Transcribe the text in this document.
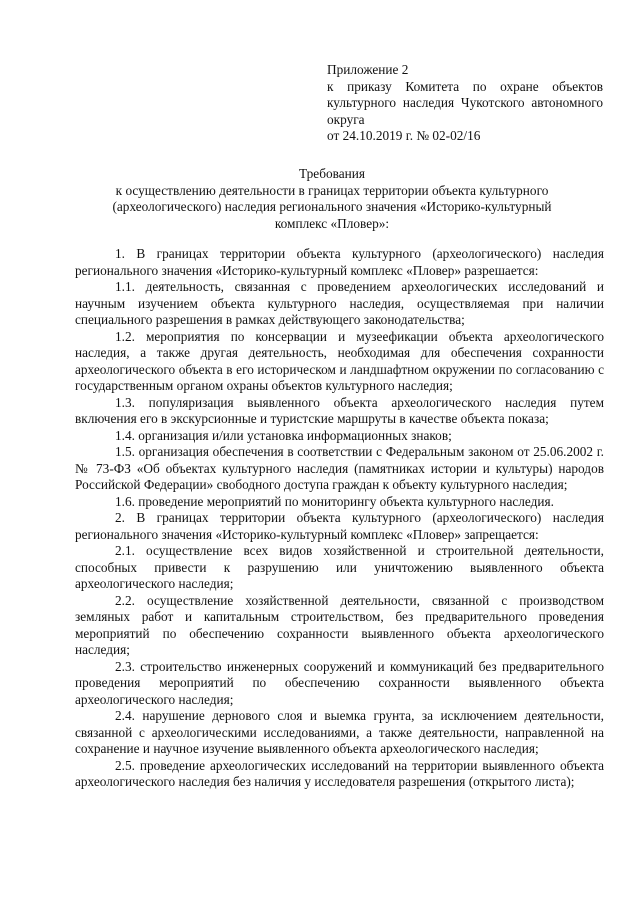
Приложение 2
к приказу Комитета по охране объектов
культурного наследия Чукотского автономного
округа
от 24.10.2019 г. № 02-02/16
Требования
к осуществлению деятельности в границах территории объекта культурного
(археологического) наследия регионального значения «Историко-культурный
комплекс «Пловер»:

1. В границах территории объекта культурного (археологического) наследия регионального значения «Историко-культурный комплекс «Пловер» разрешается:

1.1. деятельность, связанная с проведением археологических исследований и научным изучением объекта культурного наследия, осуществляемая при наличии специального разрешения в рамках действующего законодательства;

1.2. мероприятия по консервации и музеефикации объекта археологического наследия, а также другая деятельность, необходимая для обеспечения сохранности археологического объекта в его историческом и ландшафтном окружении по согласованию с государственным органом охраны объектов культурного наследия;

1.3. популяризация выявленного объекта археологического наследия путем включения его в экскурсионные и туристские маршруты в качестве объекта показа;

1.4. организация и/или установка информационных знаков;

1.5. организация обеспечения в соответствии с Федеральным законом от 25.06.2002 г. № 73-ФЗ «Об объектах культурного наследия (памятниках истории и культуры) народов Российской Федерации» свободного доступа граждан к объекту культурного наследия;

1.6. проведение мероприятий по мониторингу объекта культурного наследия.

2. В границах территории объекта культурного (археологического) наследия регионального значения «Историко-культурный комплекс «Пловер» запрещается:

2.1. осуществление всех видов хозяйственной и строительной деятельности, способных привести к разрушению или уничтожению выявленного объекта археологического наследия;

2.2. осуществление хозяйственной деятельности, связанной с производством земляных работ и капитальным строительством, без предварительного проведения мероприятий по обеспечению сохранности выявленного объекта археологического наследия;

2.3. строительство инженерных сооружений и коммуникаций без предварительного проведения мероприятий по обеспечению сохранности выявленного объекта археологического наследия;

2.4. нарушение дернового слоя и выемка грунта, за исключением деятельности, связанной с археологическими исследованиями, а также деятельности, направленной на сохранение и научное изучение выявленного объекта археологического наследия;

2.5. проведение археологических исследований на территории выявленного объекта археологического наследия без наличия у исследователя разрешения (открытого листа);
